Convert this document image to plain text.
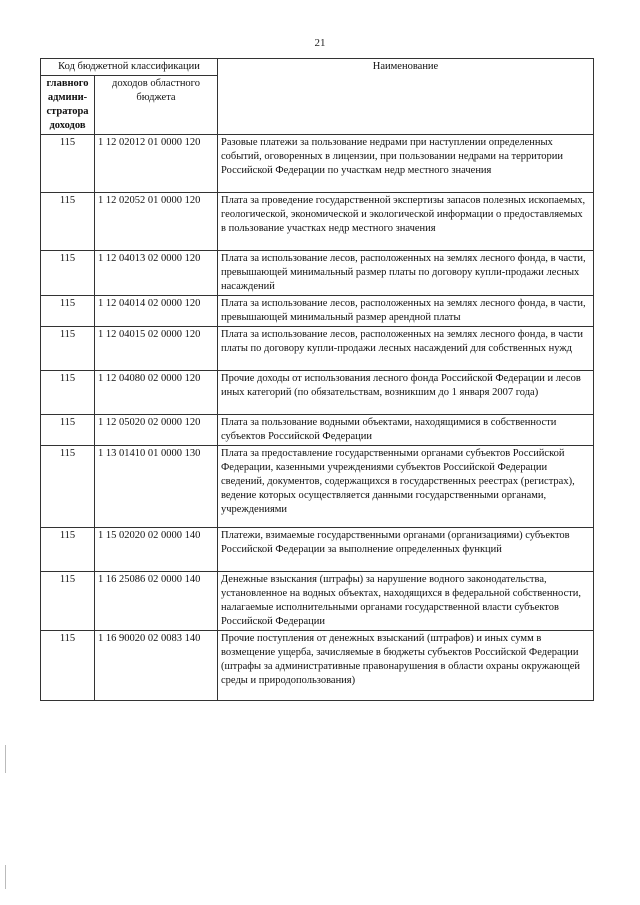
21
Код бюджетной классификации		Наименование
главного админи-стратора доходов	доходов областного бюджета	
115	1 12 02012 01 0000 120	Разовые платежи за пользование недрами при наступлении определенных событий, оговоренных в лицензии, при пользовании недрами на территории Российской Федерации по участкам недр местного значения
115	1 12 02052 01 0000 120	Плата за проведение государственной экспертизы запасов полезных ископаемых, геологической, экономической и экологической информации о предоставляемых в пользование участках недр местного значения
115	1 12 04013 02 0000 120	Плата за использование лесов, расположенных на землях лесного фонда, в части, превышающей минимальный размер платы по договору купли-продажи лесных насаждений
115	1 12 04014 02 0000 120	Плата за использование лесов, расположенных на землях лесного фонда, в части, превышающей минимальный размер арендной платы
115	1 12 04015 02 0000 120	Плата за использование лесов, расположенных на землях лесного фонда, в части платы по договору купли-продажи лесных насаждений для собственных нужд
115	1 12 04080 02 0000 120	Прочие доходы от использования лесного фонда Российской Федерации и лесов иных категорий (по обязательствам, возникшим до 1 января 2007 года)
115	1 12 05020 02 0000 120	Плата за пользование водными объектами, находящимися в собственности субъектов Российской Федерации
115	1 13 01410 01 0000 130	Плата за предоставление государственными органами субъектов Российской Федерации, казенными учреждениями субъектов Российской Федерации сведений, документов, содержащихся в государственных реестрах (регистрах), ведение которых осуществляется данными государственными органами, учреждениями
115	1 15 02020 02 0000 140	Платежи, взимаемые государственными органами (организациями) субъектов Российской Федерации за выполнение определенных функций
115	1 16 25086 02 0000 140	Денежные взыскания (штрафы) за нарушение водного законодательства, установленное на водных объектах, находящихся в федеральной собственности, налагаемые исполнительными органами государственной власти субъектов Российской Федерации
115	1 16 90020 02 0083 140	Прочие поступления от денежных взысканий (штрафов) и иных сумм в возмещение ущерба, зачисляемые в бюджеты субъектов Российской Федерации (штрафы за административные правонарушения в области охраны окружающей среды и природопользования)
